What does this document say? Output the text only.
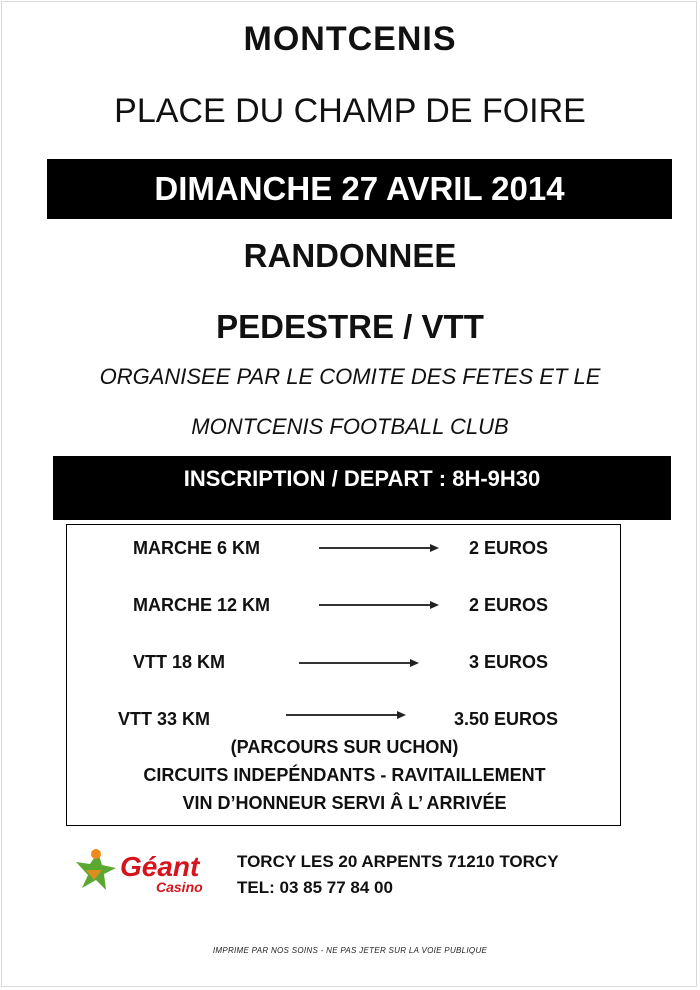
MONTCENIS
PLACE DU CHAMP DE FOIRE
DIMANCHE 27 AVRIL 2014
RANDONNEE
PEDESTRE / VTT
ORGANISEE PAR LE COMITE DES FETES ET LE
MONTCENIS FOOTBALL CLUB
INSCRIPTION / DEPART : 8H-9H30
MARCHE 6 KM	2 EUROS
MARCHE 12 KM	2 EUROS
VTT 18 KM	3 EUROS
VTT 33 KM	3.50 EUROS
(PARCOURS SUR UCHON)
CIRCUITS INDEPÉNDANTS - RAVITAILLEMENT
VIN D’HONNEUR SERVI Â L’ ARRIVÉE
Géant
Casino
TORCY LES 20 ARPENTS 71210 TORCY
TEL: 03 85 77 84 00
IMPRIME PAR NOS SOINS - NE PAS JETER SUR LA VOIE PUBLIQUE
